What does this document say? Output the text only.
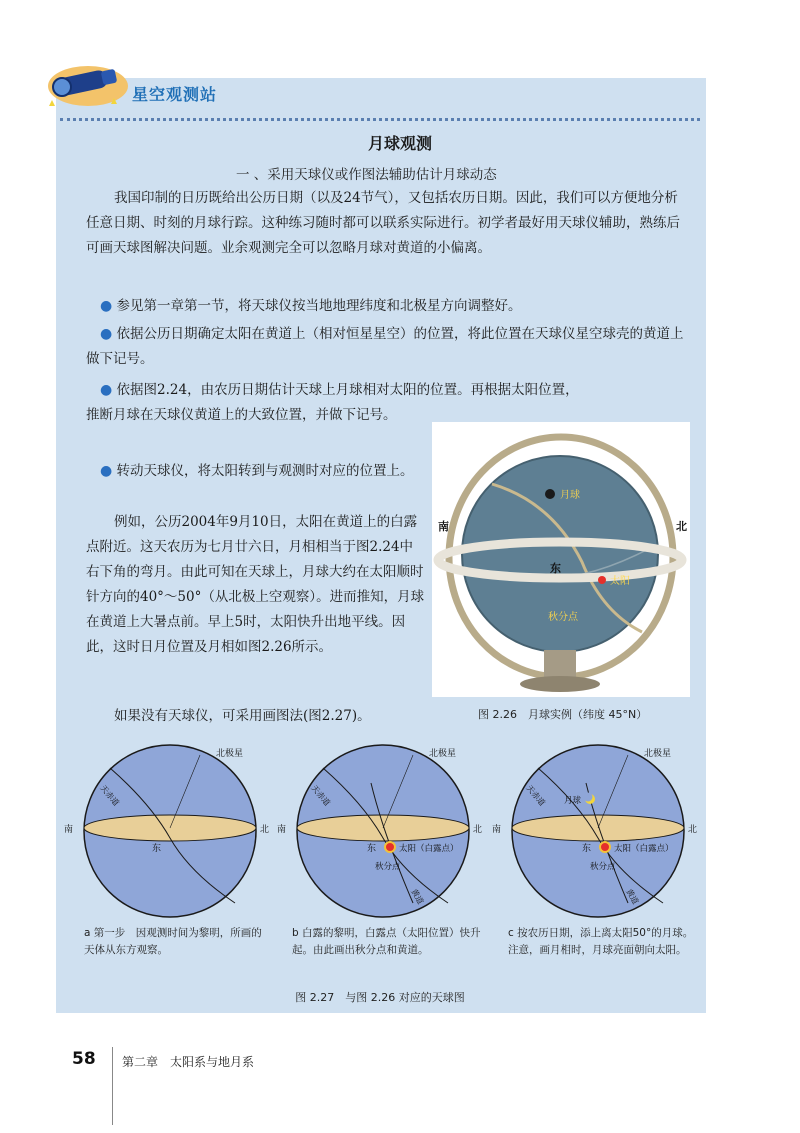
星空观测站
月球观测
一 、采用天球仪或作图法辅助估计月球动态
我国印制的日历既给出公历日期（以及24节气），又包括农历日期。因此，我们可以方便地分析任意日期、时刻的月球行踪。这种练习随时都可以联系实际进行。初学者最好用天球仪辅助，熟练后可画天球图解决问题。业余观测完全可以忽略月球对黄道的小偏离。
● 参见第一章第一节，将天球仪按当地地理纬度和北极星方向调整好。
● 依据公历日期确定太阳在黄道上（相对恒星星空）的位置，将此位置在天球仪星空球壳的黄道上做下记号。
● 依据图2.24，由农历日期估计天球上月球相对太阳的位置。再根据太阳位置，
推断月球在天球仪黄道上的大致位置，并做下记号。
● 转动天球仪，将太阳转到与观测时对应的位置上。
例如，公历2004年9月10日，太阳在黄道上的白露点附近。这天农历为七月廿六日，月相相当于图2.24中右下角的弯月。由此可知在天球上，月球大约在太阳顺时针方向的40°～50°（从北极上空观察）。进而推知，月球在黄道上大暑点前。早上5时，太阳快升出地平线。因此，这时日月位置及月相如图2.26所示。
如果没有天球仪，可采用画图法(图2.27)。
南	北
东
月球
太阳
秋分点
图 2.26　月球实例（纬度 45°N）
北极星
南	北
东
天赤道
北极星
南	北
东	太阳（白露点）
秋分点
天赤道
黄道
北极星
南	北
东	太阳（白露点）
秋分点
月球
天赤道
黄道
a 第一步　因观测时间为黎明，所画的天体从东方观察。
b 白露的黎明，白露点（太阳位置）快升起。由此画出秋分点和黄道。
c 按农历日期，添上离太阳50°的月球。注意，画月相时，月球亮面朝向太阳。
图 2.27　与图 2.26 对应的天球图
58 第二章　太阳系与地月系
